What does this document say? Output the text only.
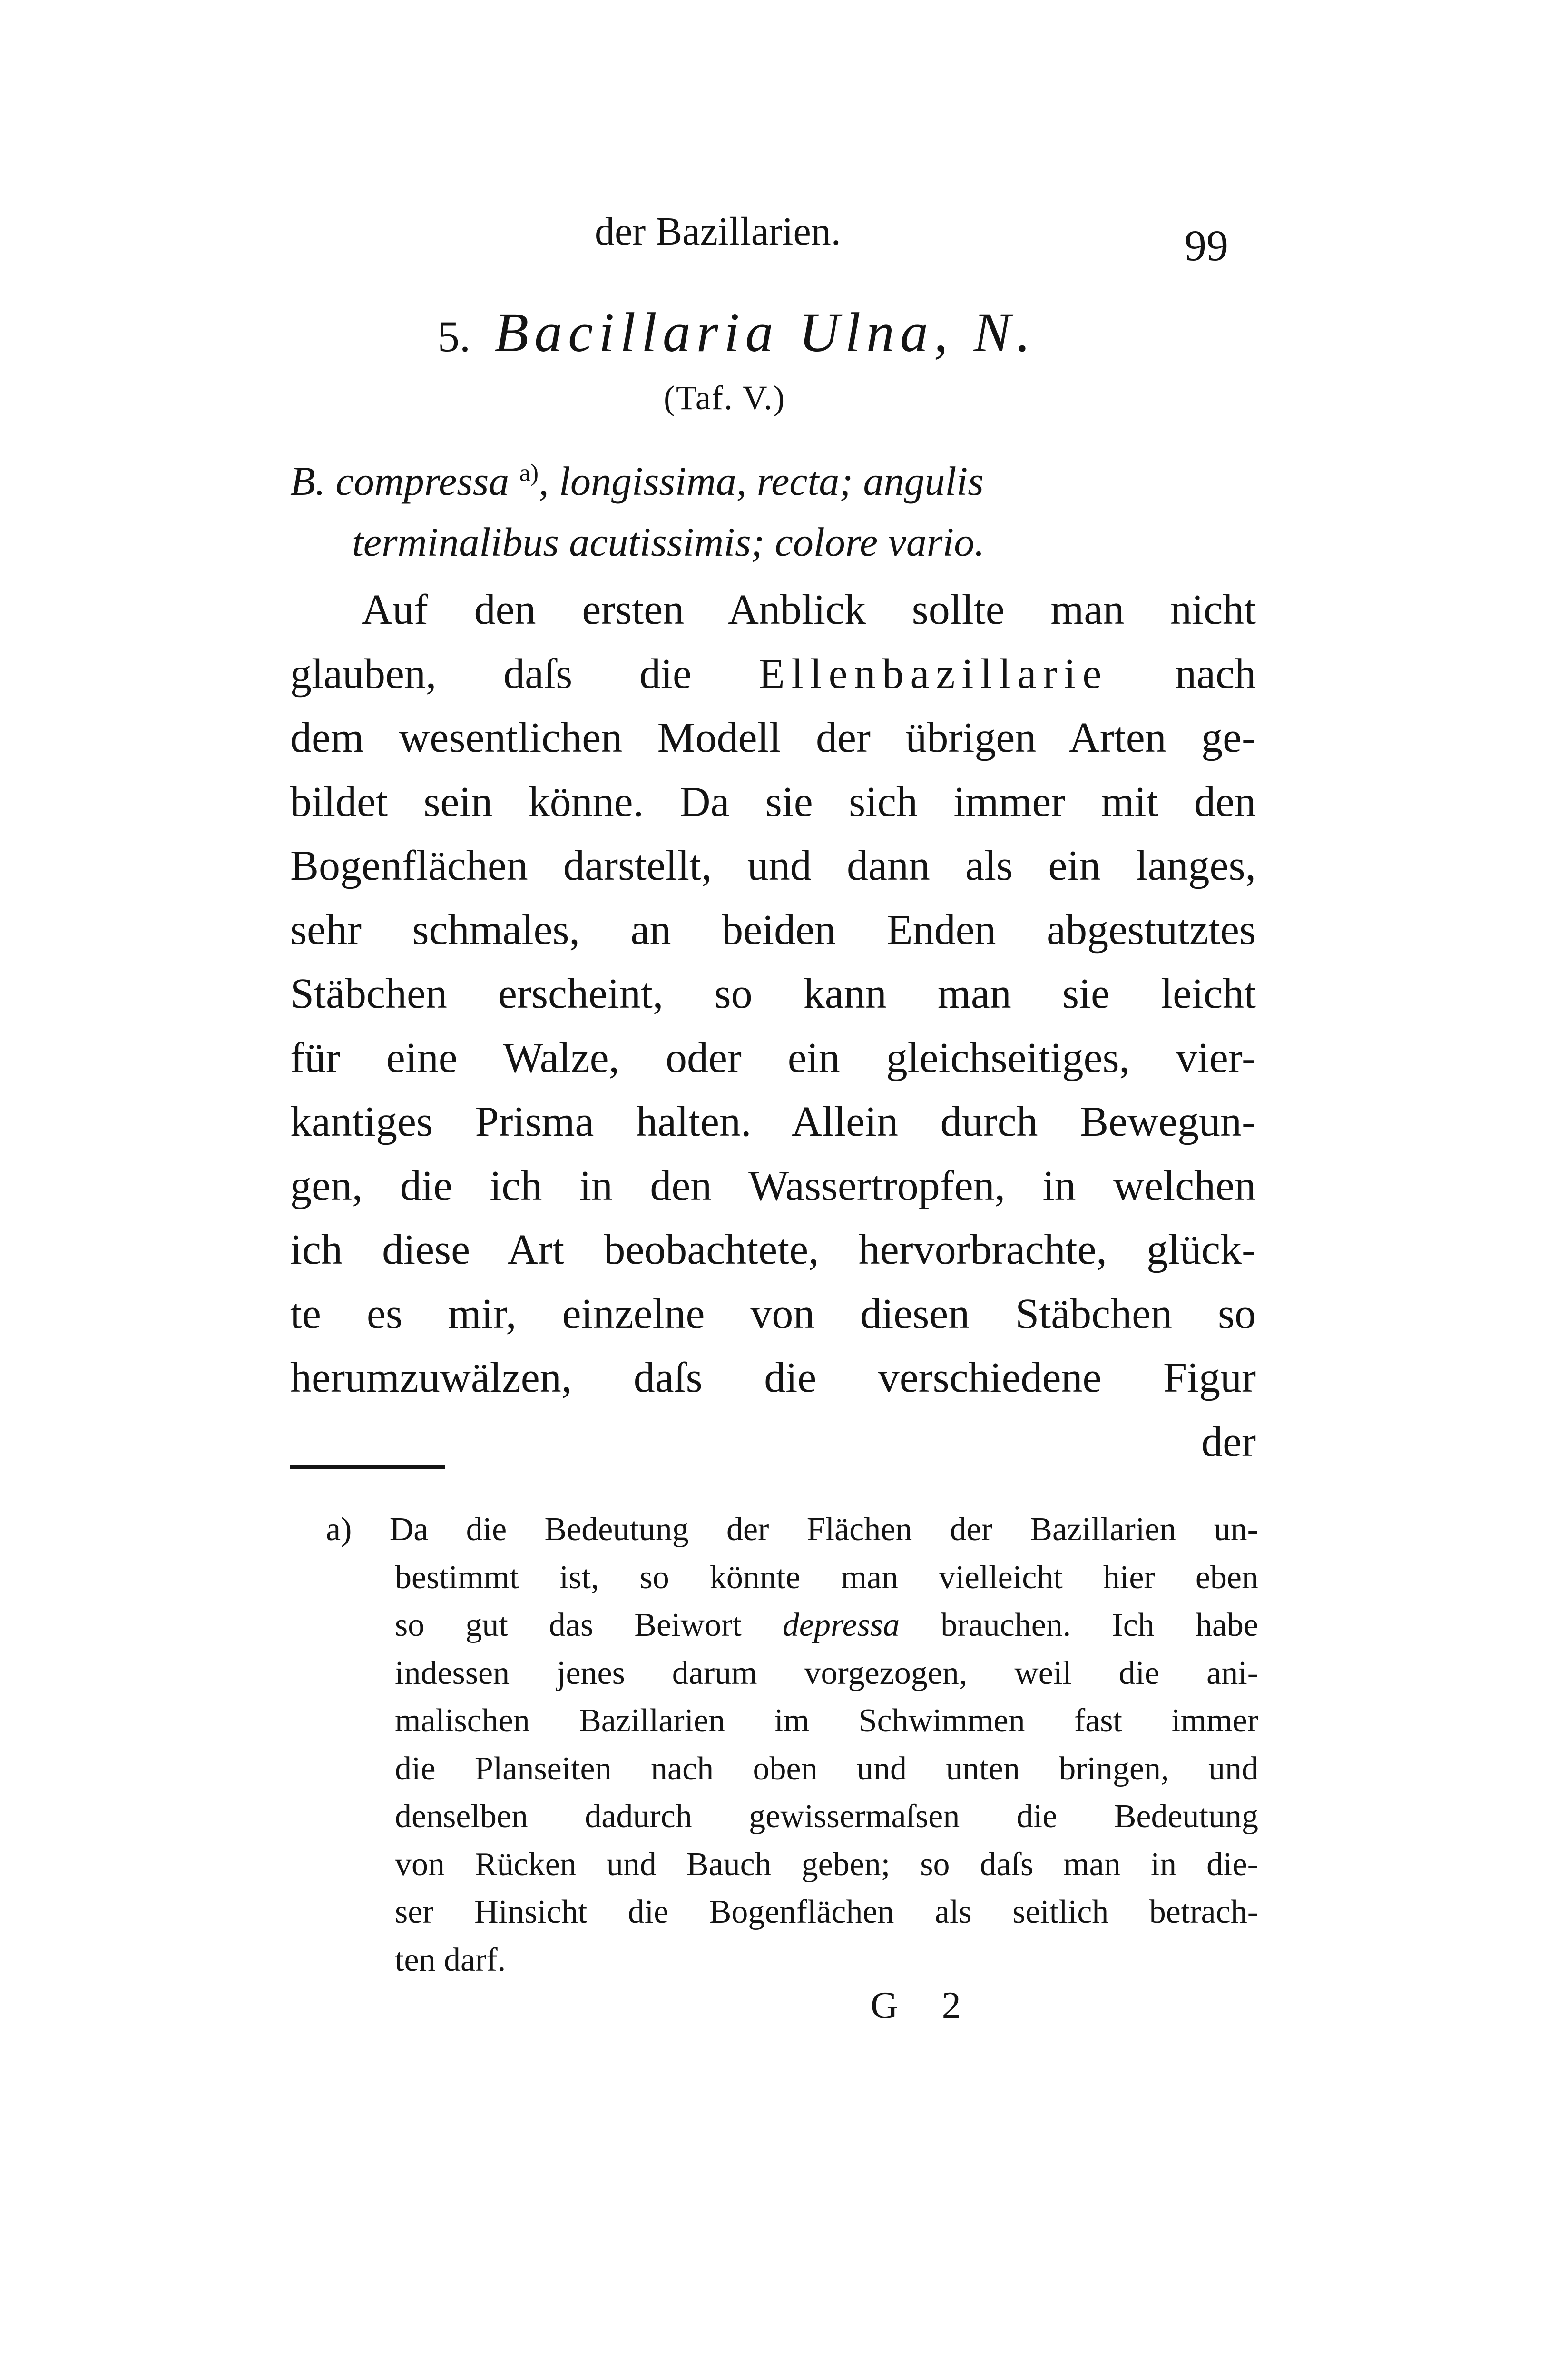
der Bazillarien.	99
5. Bacillaria Ulna, N.
(Taf. V.)
B. compressa $^{a)}$, longissima, recta; angulis
terminalibus acutissimis; colore vario.
Auf den ersten Anblick sollte man nicht
glauben, daſs die Ellenbazillarie nach
dem wesentlichen Modell der übrigen Arten ge-
bildet sein könne. Da sie sich immer mit den
Bogenflächen darstellt, und dann als ein langes,
sehr schmales, an beiden Enden abgestutztes
Stäbchen erscheint, so kann man sie leicht
für eine Walze, oder ein gleichseitiges, vier-
kantiges Prisma halten. Allein durch Bewegun-
gen, die ich in den Wassertropfen, in welchen
ich diese Art beobachtete, hervorbrachte, glück-
te es mir, einzelne von diesen Stäbchen so
herumzuwälzen, daſs die verschiedene Figur
der
a) Da die Bedeutung der Flächen der Bazillarien un-
bestimmt ist, so könnte man vielleicht hier eben
so gut das Beiwort depressa brauchen. Ich habe
indessen jenes darum vorgezogen, weil die ani-
malischen Bazillarien im Schwimmen fast immer
die Planseiten nach oben und unten bringen, und
denselben dadurch gewissermaſsen die Bedeutung
von Rücken und Bauch geben; so daſs man in die-
ser Hinsicht die Bogenflächen als seitlich betrach-
ten darf.
G 2
